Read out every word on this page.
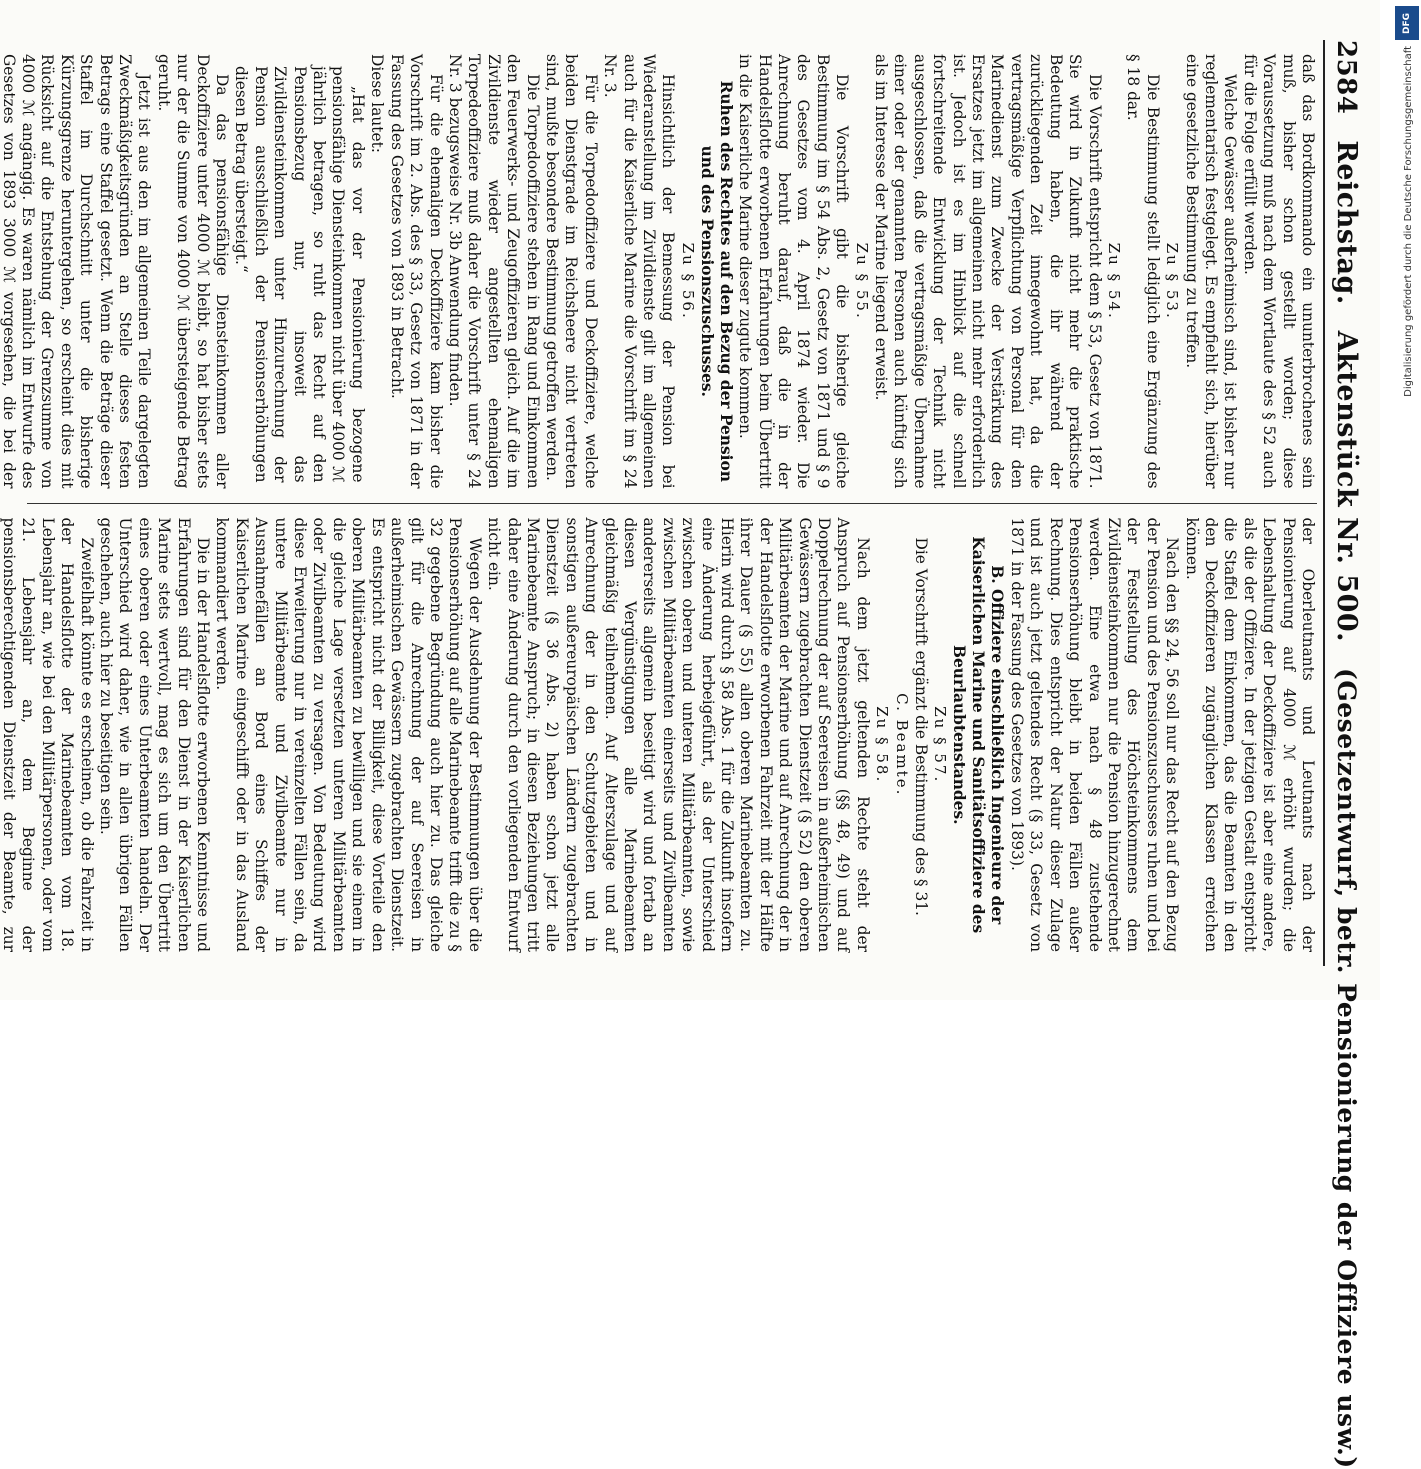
2584
Reichstag.
Aktenstück Nr. 500.
(Gesetzentwurf, betr. Pensionierung der Offiziere usw.)

daß das Bordkommando ein ununterbrochenes sein muß, bisher schon gestellt worden; diese Voraussetzung muß nach dem Wortlaute des § 52 auch für die Folge erfüllt werden.

Welche Gewässer außerheimisch sind, ist bisher nur reglementarisch festgelegt. Es empfiehlt sich, hierüber eine gesetzliche Bestimmung zu treffen.

Zu § 53.

Die Bestimmung stellt lediglich eine Ergänzung des § 18 dar.

Zu § 54.

Die Vorschrift entspricht dem § 53, Gesetz von 1871. Sie wird in Zukunft nicht mehr die praktische Bedeutung haben, die ihr während der zurückliegenden Zeit innegewohnt hat, da die vertragsmäßige Verpflichtung von Personal für den Marinedienst zum Zwecke der Verstärkung des Ersatzes jetzt im allgemeinen nicht mehr erforderlich ist. Jedoch ist es im Hinblick auf die schnell fortschreitende Entwicklung der Technik nicht ausgeschlossen, daß die vertragsmäßige Übernahme einer oder der genannten Personen auch künftig sich als im Interesse der Marine liegend erweist.

Zu § 55.

Die Vorschrift gibt die bisherige gleiche Bestimmung im § 54 Abs. 2, Gesetz von 1871 und § 9 des Gesetzes vom 4. April 1874 wieder. Die Anrechnung beruht darauf, daß die in der Handelsflotte erworbenen Erfahrungen beim Übertritt in die Kaiserliche Marine dieser zugute kommen.

Ruhen des Rechtes auf den Bezug der Pension und des Pensionszuschusses.

Zu § 56.

Hinsichtlich der Bemessung der Pension bei Wiederanstellung im Zivildienste gilt im allgemeinen auch für die Kaiserliche Marine die Vorschrift im § 24 Nr. 3.

Für die Torpedooffiziere und Deckoffiziere, welche beiden Dienstgrade im Reichsheere nicht vertreten sind, mußte besondere Bestimmung getroffen werden.

Die Torpedooffiziere stehen in Rang und Einkommen den Feuerwerks- und Zeugoffizieren gleich. Auf die im Zivildienste wieder angestellten ehemaligen Torpedeoffiziere muß daher die Vorschrift unter § 24 Nr. 3 bezugsweise Nr. 3b Anwendung finden.

Für die ehemaligen Deckoffiziere kam bisher die Vorschrift im 2. Abs. des § 33, Gesetz von 1871 in der Fassung des Gesetzes von 1893 in Betracht.

Diese lautet:

„Hat das vor der Pensionierung bezogene pensionsfähige Diensteinkommen nicht über 4000 ℳ jährlich betragen, so ruht das Recht auf den Pensionsbezug nur, insoweit das Zivildiensteinkommen unter Hinzurechnung der Pension ausschließlich der Pensionserhöhungen diesen Betrag übersteigt.“

Da das pensionsfähige Diensteinkommen aller Deckoffiziere unter 4000 ℳ bleibt, so hat bisher stets nur der die Summe von 4000 ℳ übersteigende Betrag geruht.

Jetzt ist aus den im allgemeinen Teile dargelegten Zweckmäßigkeitsgründen an Stelle dieses festen Betrags eine Staffel gesetzt. Wenn die Beträge dieser Staffel im Durchschnitt unter die bisherige Kürzungsgrenze heruntergehen, so erscheint dies mit Rücksicht auf die Entstehung der Grenzsumme von 4000 ℳ angängig. Es waren nämlich im Entwurfe des Gesetzes von 1893 3000 ℳ vorgesehen, die bei der

der Oberleutnants und Leutnants nach der Pensionierung auf 4000 ℳ erhöht wurden; die Lebenshaltung der Deckoffiziere ist aber eine andere, als die der Offiziere. In der jetzigen Gestalt entspricht die Staffel dem Einkommen, das die Beamten in den den Deckoffizieren zugänglichen Klassen erreichen können.

Nach den §§ 24, 56 soll nur das Recht auf den Bezug der Pension und des Pensionszuschusses ruhen und bei der Feststellung des Höchsteinkommens dem Zivildiensteinkommen nur die Pension hinzugerechnet werden. Eine etwa nach § 48 zustehende Pensionserhöhung bleibt in beiden Fällen außer Rechnung. Dies entspricht der Natur dieser Zulage und ist auch jetzt geltendes Recht (§ 33, Gesetz von 1871 in der Fassung des Gesetzes von 1893).

B. Offiziere einschließlich Ingenieure der Kaiserlichen Marine und Sanitätsoffiziere des Beurlaubtenstandes.

Zu § 57.

Die Vorschrift ergänzt die Bestimmung des § 31.

C. Beamte.

Zu § 58.

Nach dem jetzt geltenden Rechte steht der Anspruch auf Pensionserhöhung (§§ 48, 49) und auf Doppelrechnung der auf Seereisen in außerheimischen Gewässern zugebrachten Dienstzeit (§ 52) den oberen Militärbeamten der Marine und auf Anrechnung der in der Handelsflotte erworbenen Fahrzeit mit der Hälfte ihrer Dauer (§ 55) allen oberen Marinebeamten zu. Hierin wird durch § 58 Abs. 1 für die Zukunft insofern eine Änderung herbeigeführt, als der Unterschied zwischen oberen und unteren Militärbeamten, sowie zwischen Militärbeamten einerseits und Zivilbeamten andererseits allgemein beseitigt wird und fortab an diesen Vergünstigungen alle Marinebeamten gleichmäßig teilnehmen. Auf Alterszulage und auf Anrechnung der in den Schutzgebieten und in sonstigen außereuropäischen Ländern zugebrachten Dienstzeit (§ 36 Abs. 2) haben schon jetzt alle Marinebeamte Anspruch; in diesen Beziehungen tritt daher eine Änderung durch den vorliegenden Entwurf nicht ein.

Wegen der Ausdehnung der Bestimmungen über die Pensionserhöhung auf alle Marinebeamte trifft die zu § 32 gegebene Begründung auch hier zu. Das gleiche gilt für die Anrechnung der auf Seereisen in außerheimischen Gewässern zugebrachten Dienstzeit. Es entspricht nicht der Billigkeit, diese Vorteile den oberen Militärbeamten zu bewilligen und sie einem in die gleiche Lage versetzten unteren Militärbeamten oder Zivilbeamten zu versagen. Von Bedeutung wird diese Erweiterung nur in vereinzelten Fällen sein, da untere Militärbeamte und Zivilbeamte nur in Ausnahmefällen an Bord eines Schiffes der Kaiserlichen Marine eingeschifft oder in das Ausland kommandiert werden.

Die in der Handelsflotte erworbenen Kenntnisse und Erfahrungen sind für den Dienst in der Kaiserlichen Marine stets wertvoll, mag es sich um den Übertritt eines oberen oder eines Unterbeamten handeln. Der Unterschied wird daher, wie in allen übrigen Fällen geschehen, auch hier zu beseitigen sein.

Zweifelhaft könnte es erscheinen, ob die Fahrzeit in der Handelsflotte der Marinebeamten vom 18. Lebensjahr an, wie bei den Militärpersonen, oder vom 21. Lebensjahr an, dem Beginne der pensionsberechtigenden Dienstzeit der Beamte, zur

DFG
Digitalisierung gefördert durch die Deutsche Forschungsgemeinschaft
